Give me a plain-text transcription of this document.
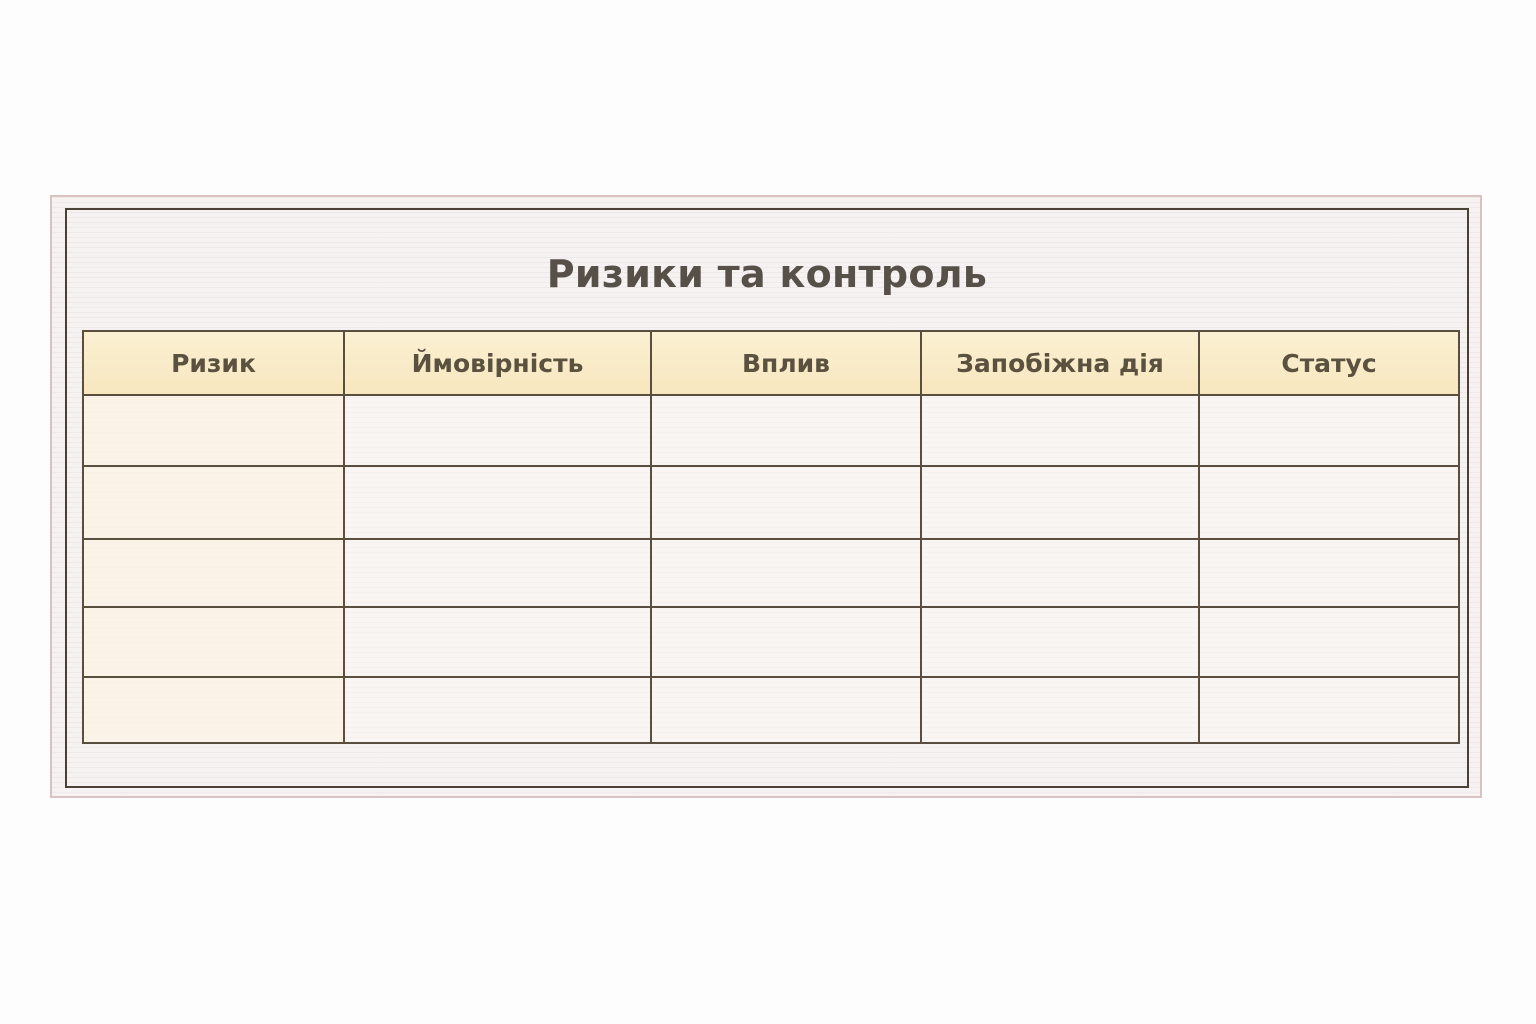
Ризики та контроль
Ризик	Ймовірність	Вплив	Запобіжна дія	Статус
